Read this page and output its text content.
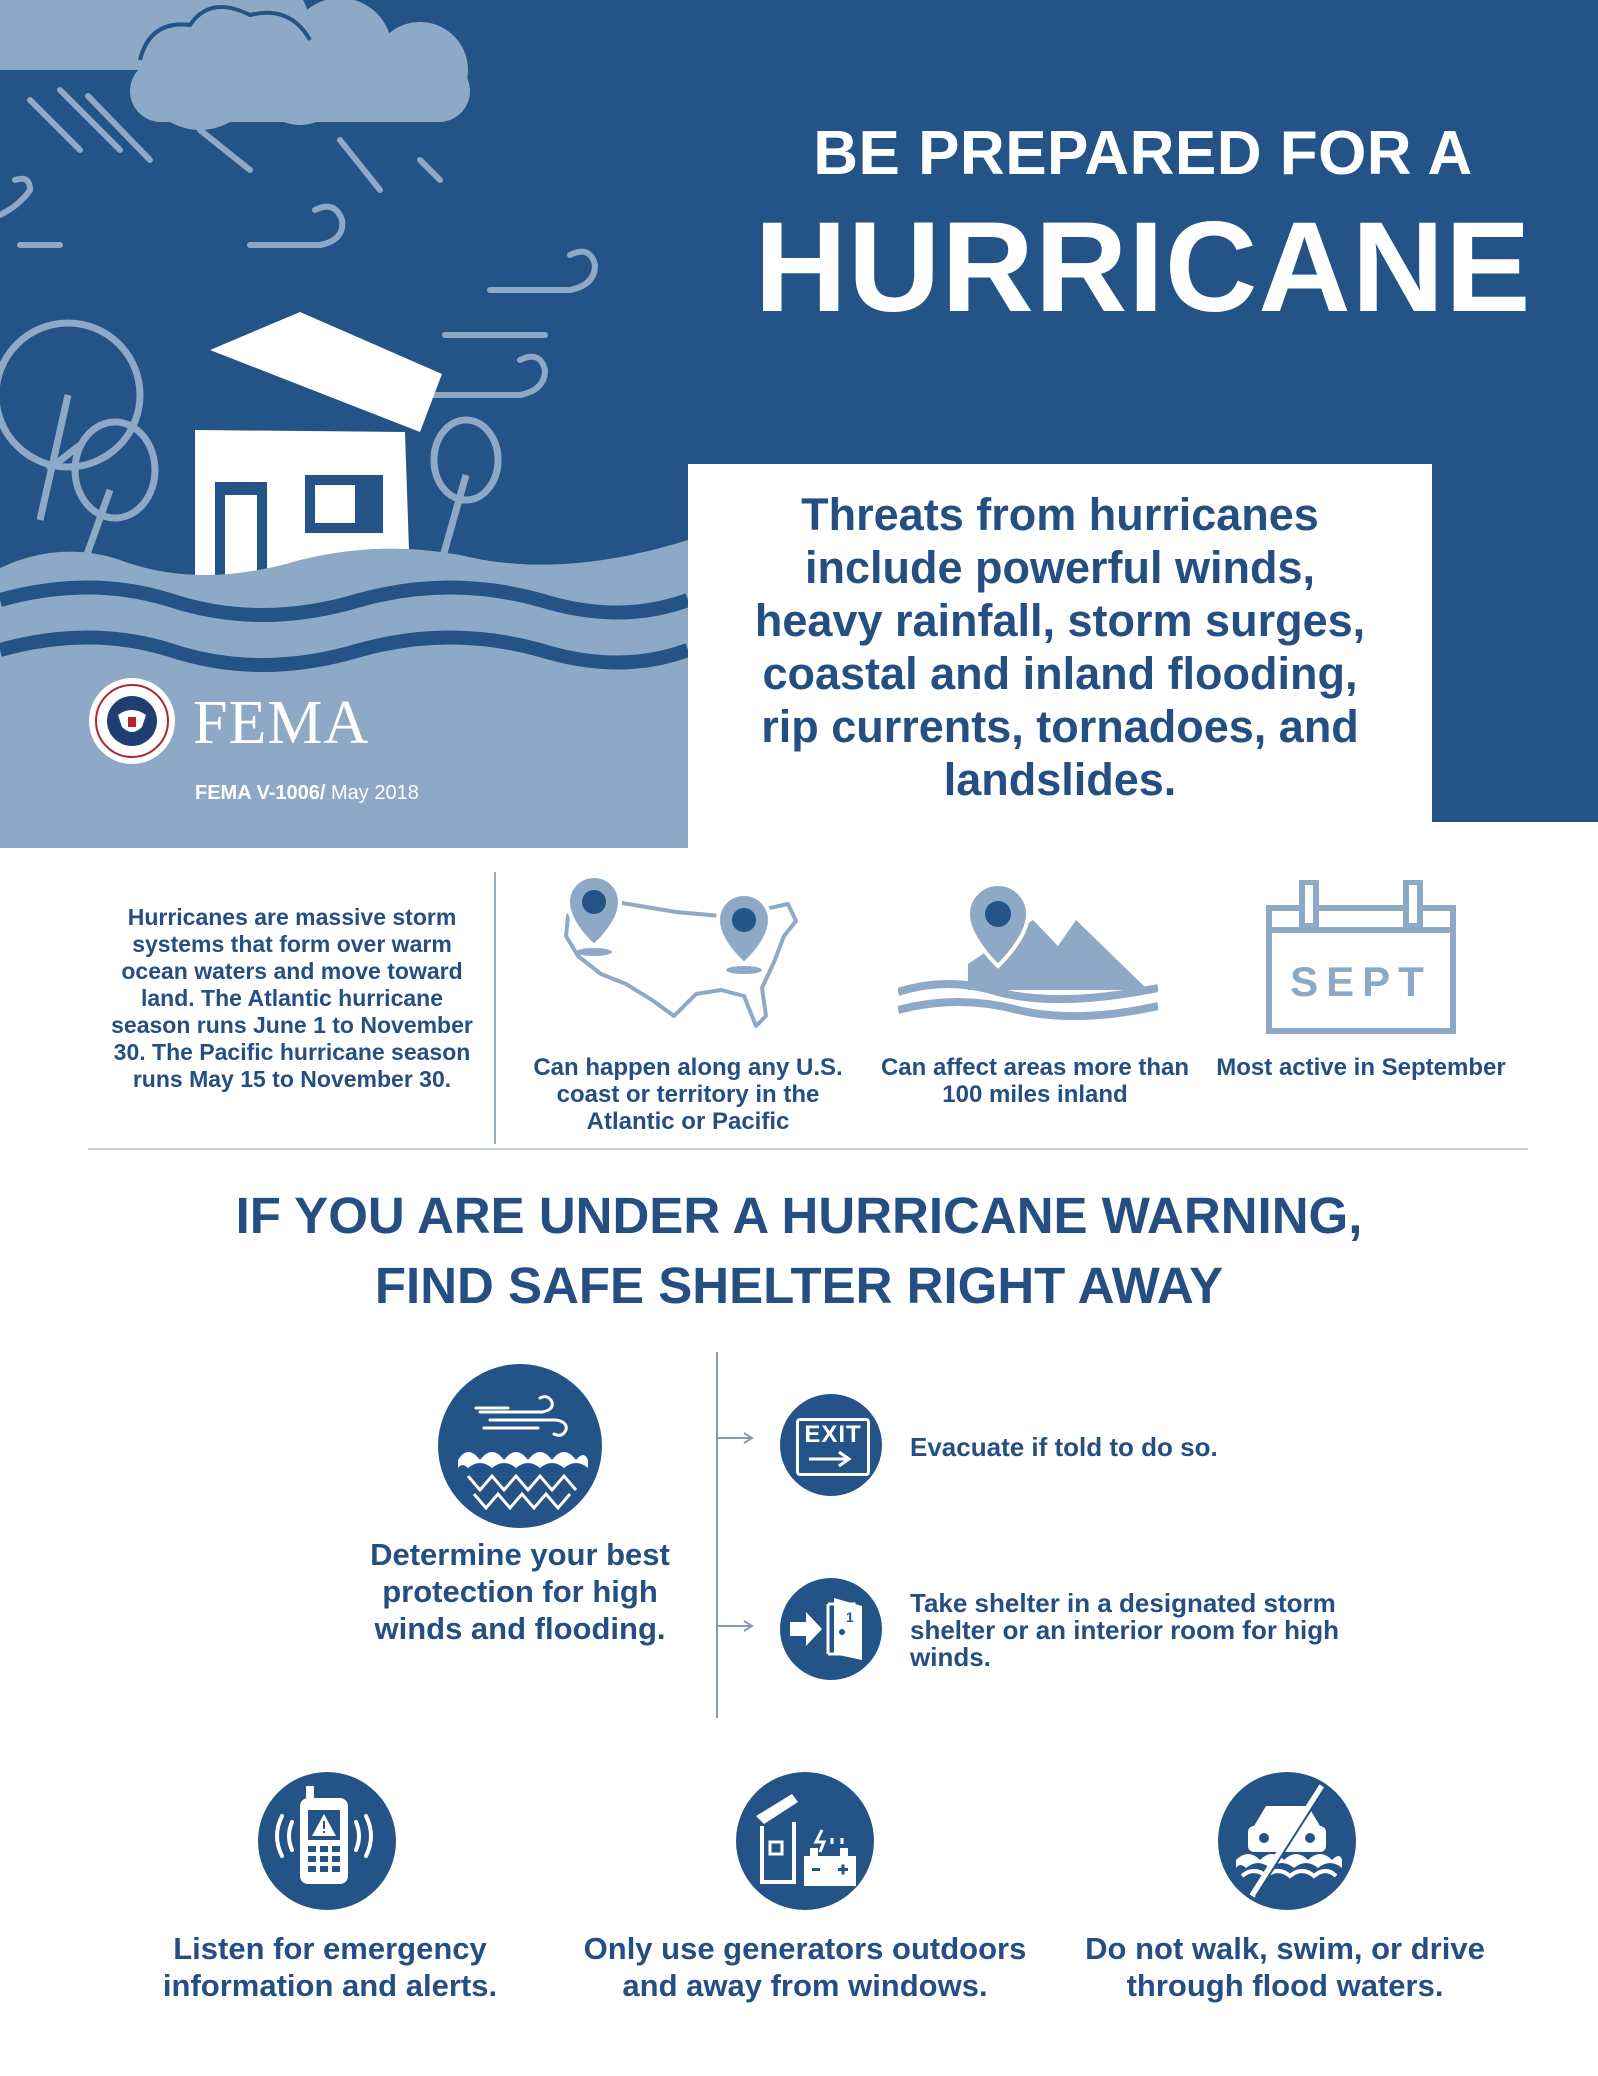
BE PREPARED FOR A
HURRICANE
Threats from hurricanes include powerful winds, heavy rainfall, storm surges, coastal and inland flooding, rip currents, tornadoes, and landslides.
FEMA
FEMA V-1006/ May 2018
Hurricanes are massive storm systems that form over warm ocean waters and move toward land. The Atlantic hurricane season runs June 1 to November 30. The Pacific hurricane season runs May 15 to November 30.	Can happen along any U.S. coast or territory in the Atlantic or Pacific
Can affect areas more than 100 miles inland
SEPT
Most active in September
IF YOU ARE UNDER A HURRICANE WARNING,
FIND SAFE SHELTER RIGHT AWAY
Determine your best protection for high winds and flooding.
EXIT Evacuate if told to do so.
1 Take shelter in a designated storm shelter or an interior room for high winds.
Listen for emergency information and alerts.
Only use generators outdoors and away from windows.
Do not walk, swim, or drive through flood waters.
